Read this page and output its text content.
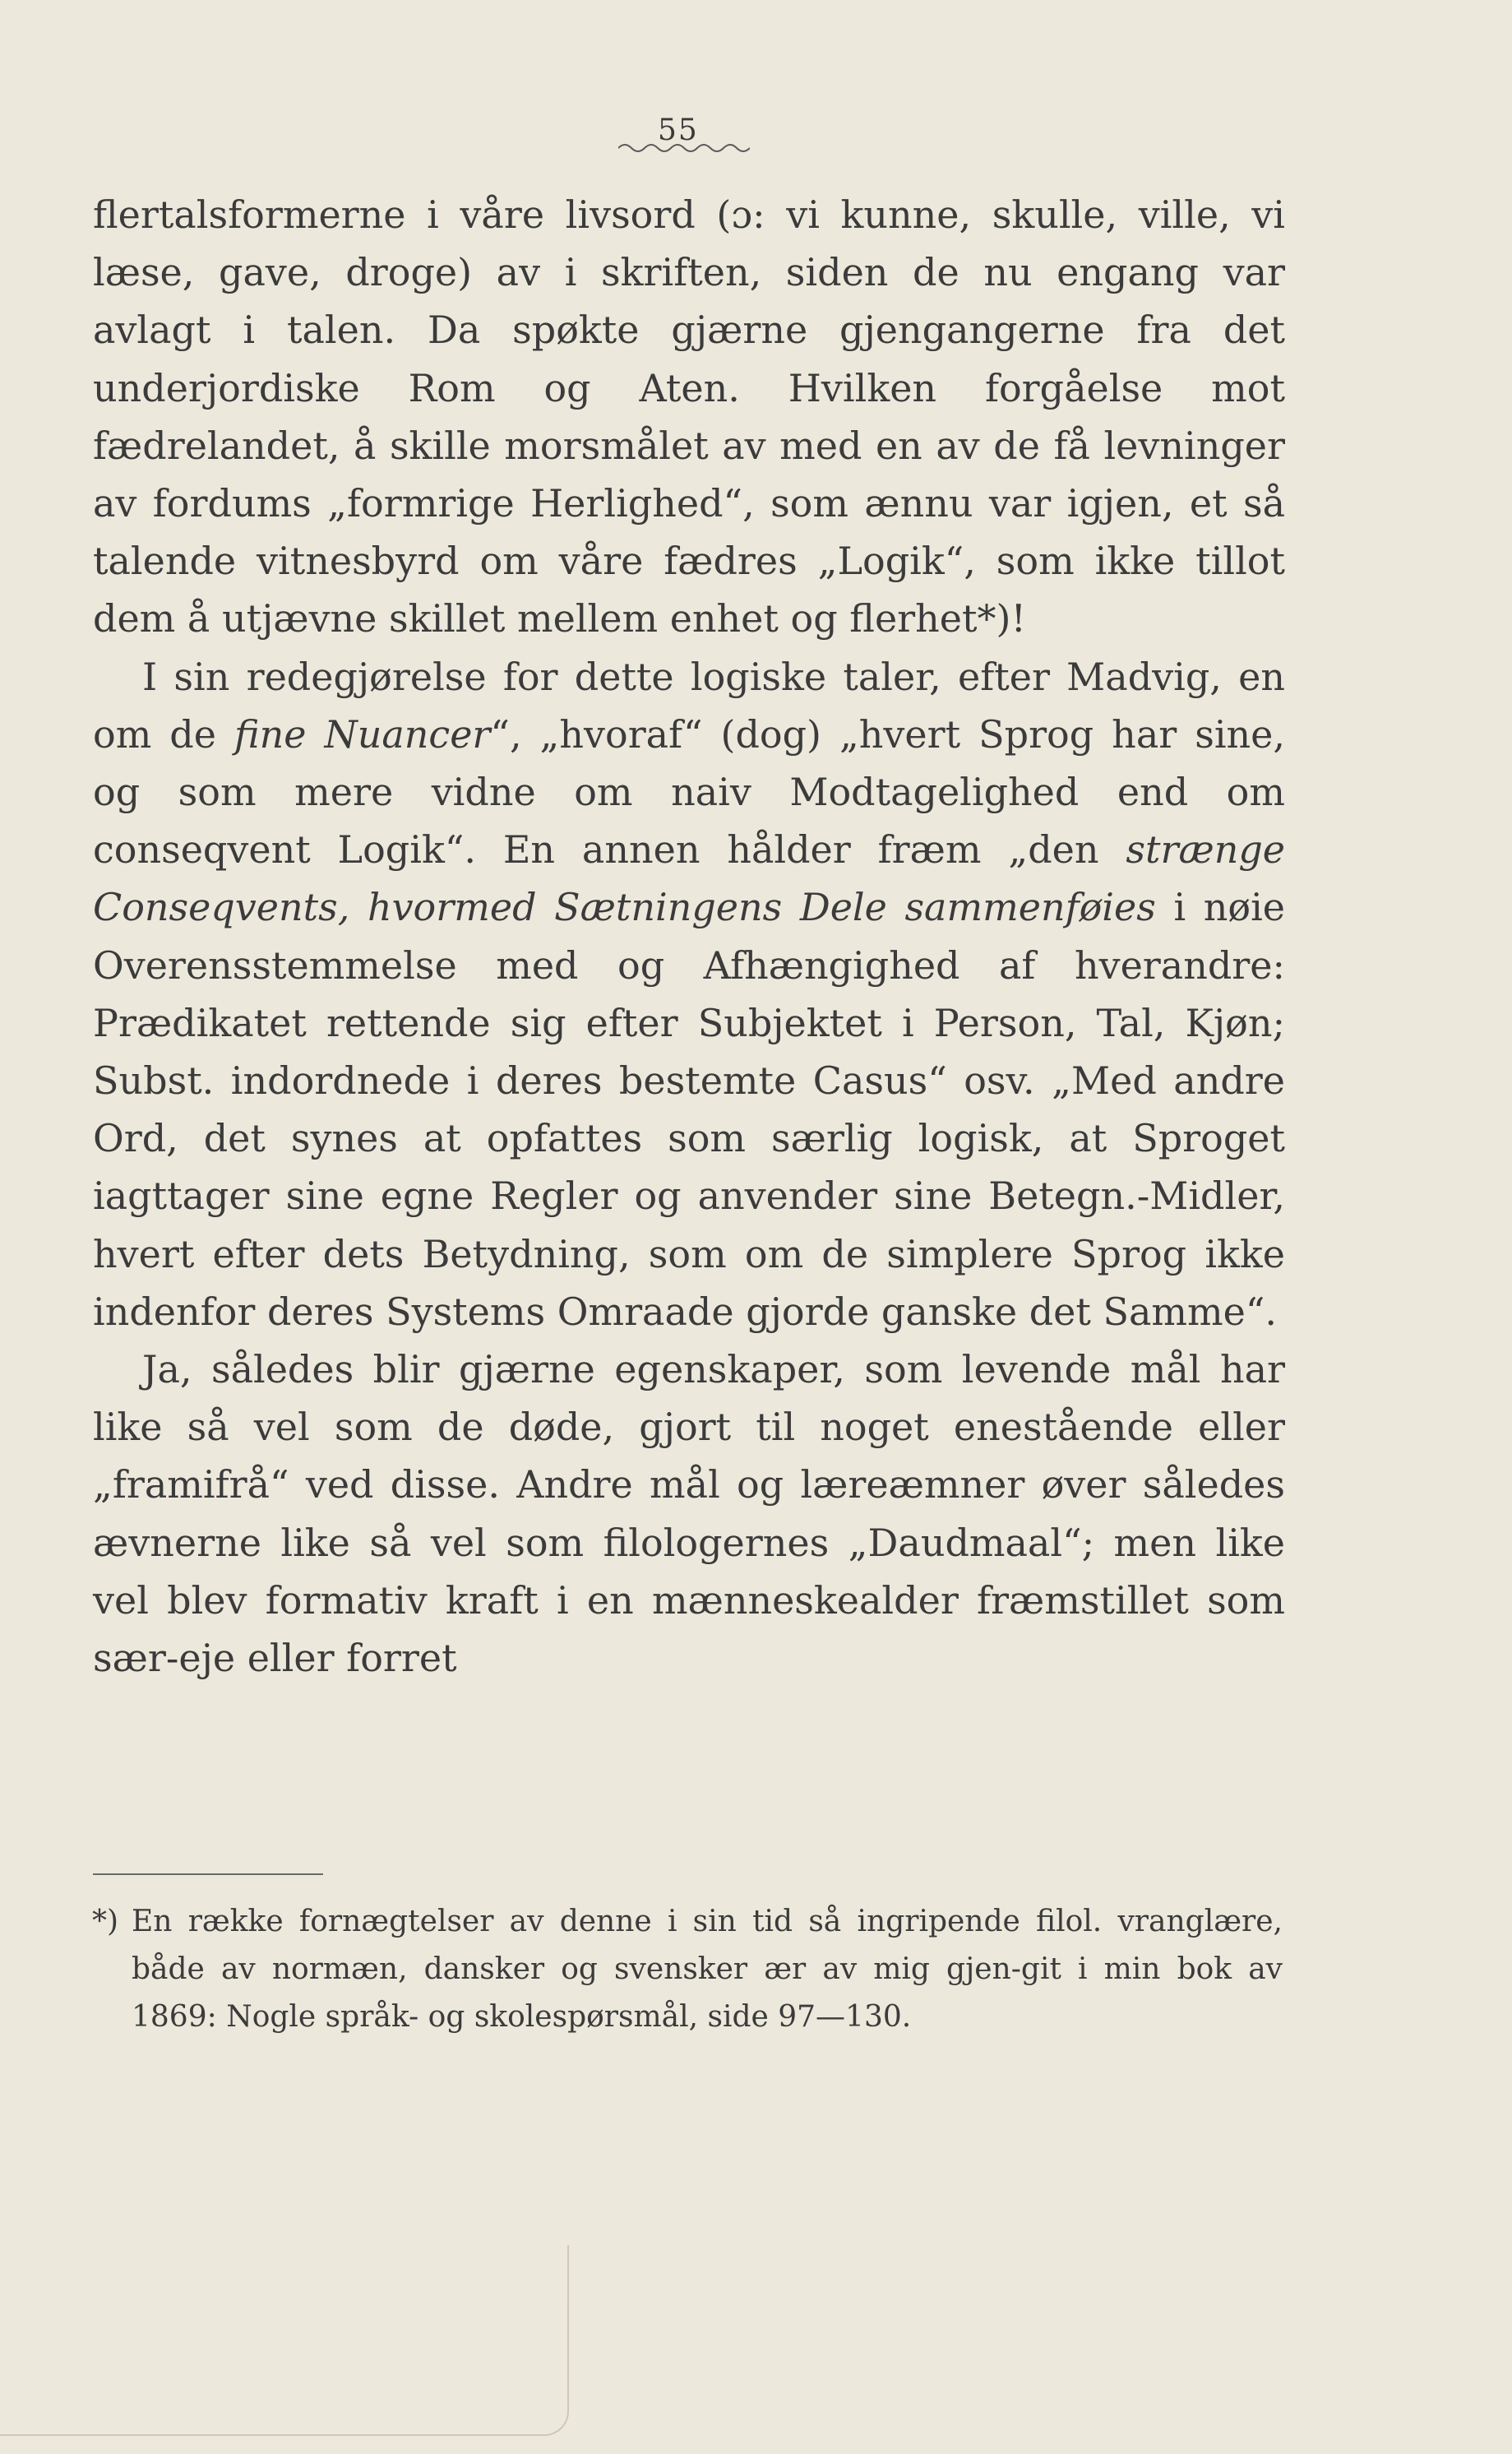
55

flertalsformerne i våre livsord (ɔ: vi kunne, skulle, ville, vi læse, gave, droge) av i skriften, siden de nu engang var avlagt i talen. Da spøkte gjærne gjengangerne fra det underjordiske Rom og Aten. Hvilken forgåelse mot fædrelandet, å skille morsmålet av med en av de få levninger av fordums „formrige Herlighed“, som ænnu var igjen, et så talende vitnesbyrd om våre fædres „Logik“, som ikke tillot dem å utjævne skillet mellem enhet og flerhet*)!

I sin redegjørelse for dette logiske taler, efter Madvig, en om de fine Nuancer“, „hvoraf“ (dog) „hvert Sprog har sine, og som mere vidne om naiv Modtagelighed end om conseqvent Logik“. En annen hålder fræm „den strænge Conseqvents, hvormed Sætningens Dele sammenføies i nøie Overensstemmelse med og Afhængighed af hverandre: Prædikatet rettende sig efter Subjektet i Person, Tal, Kjøn; Subst. indordnede i deres bestemte Casus“ osv. „Med andre Ord, det synes at opfattes som særlig logisk, at Sproget iagttager sine egne Regler og anvender sine Betegn.-Midler, hvert efter dets Betydning, som om de simplere Sprog ikke indenfor deres Systems Omraade gjorde ganske det Samme“.

Ja, således blir gjærne egenskaper, som levende mål har like så vel som de døde, gjort til noget enestående eller „framifrå“ ved disse. Andre mål og læreæmner øver således ævnerne like så vel som filologernes „Daudmaal“; men like vel blev formativ kraft i en mænneskealder fræmstillet som sær-eje eller forret

*) En række fornægtelser av denne i sin tid så ingripende filol. vranglære, både av normæn, dansker og svensker ær av mig gjen-git i min bok av 1869: Nogle språk- og skolespørsmål, side 97—130.
